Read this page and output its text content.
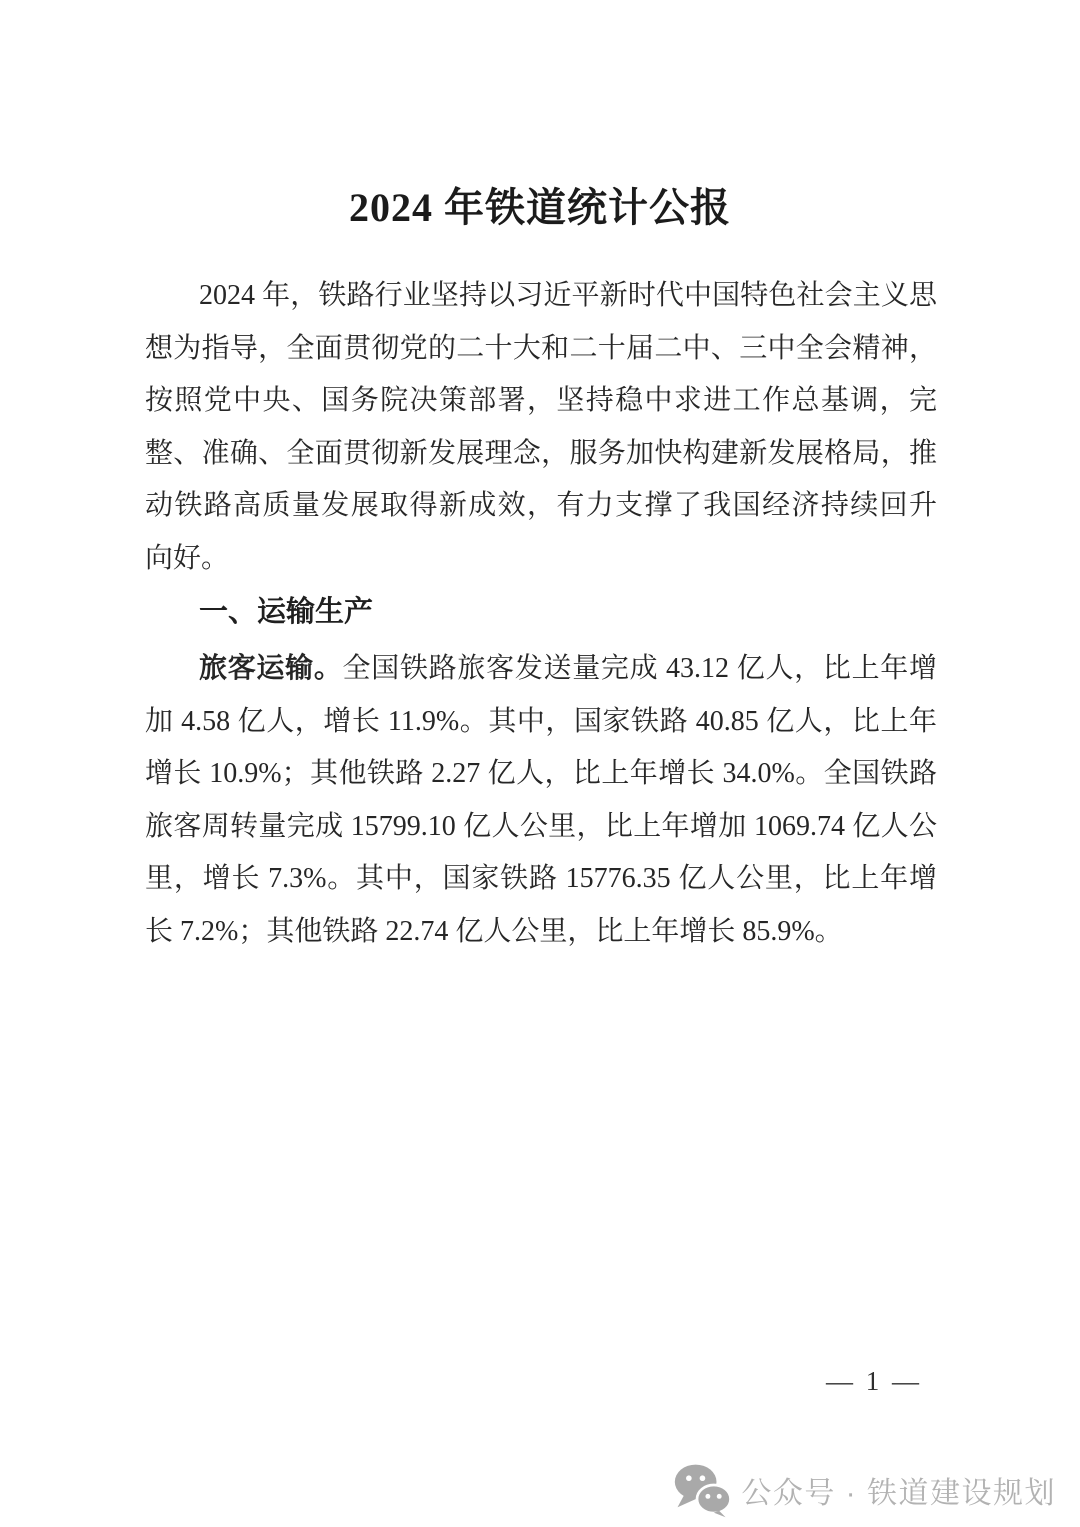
2024 年铁道统计公报
2024 年，铁路行业坚持以习近平新时代中国特色社会主义思
想为指导，全面贯彻党的二十大和二十届二中、三中全会精神，
按照党中央、国务院决策部署，坚持稳中求进工作总基调，完
整、准确、全面贯彻新发展理念，服务加快构建新发展格局，推
动铁路高质量发展取得新成效，有力支撑了我国经济持续回升
向好。
一、运输生产
旅客运输。全国铁路旅客发送量完成 43.12 亿人，比上年增
加 4.58 亿人，增长 11.9%。其中，国家铁路 40.85 亿人，比上年
增长 10.9%；其他铁路 2.27 亿人，比上年增长 34.0%。全国铁路
旅客周转量完成 15799.10 亿人公里，比上年增加 1069.74 亿人公
里，增长 7.3%。其中，国家铁路 15776.35 亿人公里，比上年增
长 7.2%；其他铁路 22.74 亿人公里，比上年增长 85.9%。
— 1 —
公众号 · 铁道建设规划
